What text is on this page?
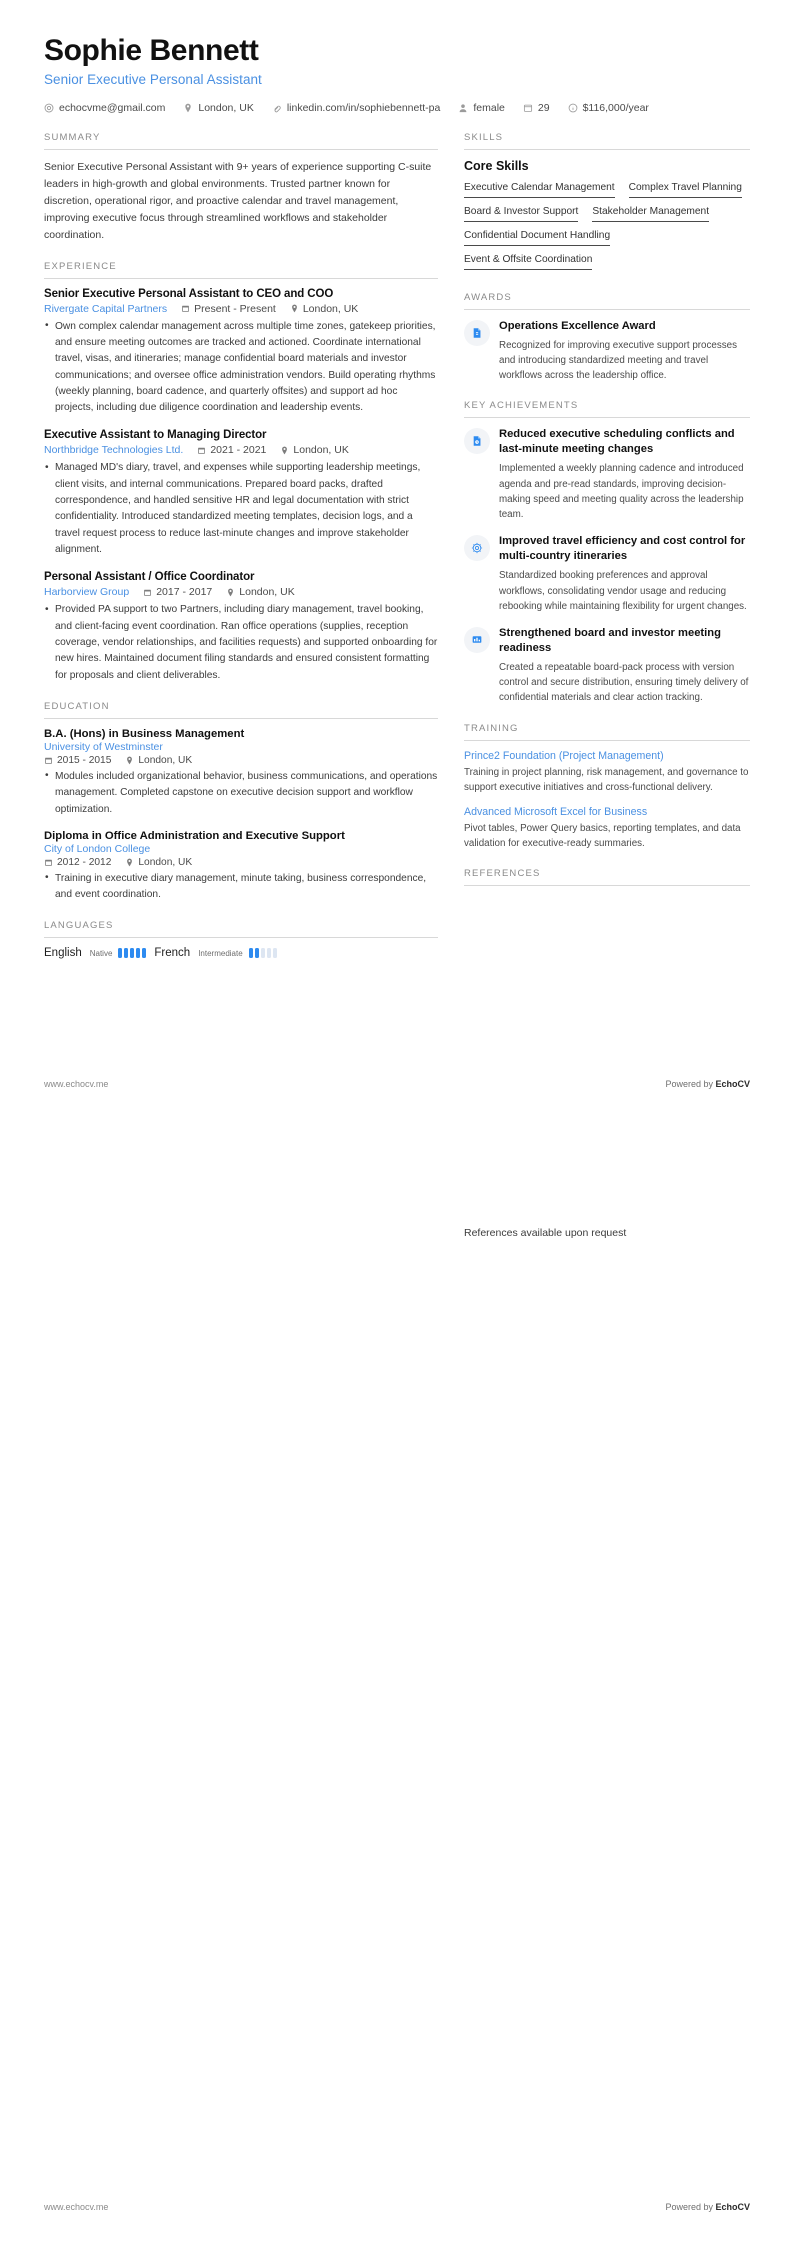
Sophie Bennett
Senior Executive Personal Assistant
echocvme@gmail.com	London, UK	linkedin.com/in/sophiebennett-pa	female	29	$116,000/year
SUMMARY
Senior Executive Personal Assistant with 9+ years of experience supporting C-suite leaders in high-growth and global environments. Trusted partner known for discretion, operational rigor, and proactive calendar and travel management, improving executive focus through streamlined workflows and stakeholder coordination.
EXPERIENCE
Senior Executive Personal Assistant to CEO and COO
Rivergate Capital Partners	Present - Present	London, UK
• Own complex calendar management across multiple time zones, gatekeep priorities, and ensure meeting outcomes are tracked and actioned. Coordinate international travel, visas, and itineraries; manage confidential board materials and investor communications; and oversee office administration vendors. Build operating rhythms (weekly planning, board cadence, and quarterly offsites) and support ad hoc projects, including due diligence coordination and leadership events.
Executive Assistant to Managing Director
Northbridge Technologies Ltd.	2021 - 2021	London, UK
• Managed MD's diary, travel, and expenses while supporting leadership meetings, client visits, and internal communications. Prepared board packs, drafted correspondence, and handled sensitive HR and legal documentation with strict confidentiality. Introduced standardized meeting templates, decision logs, and a travel request process to reduce last-minute changes and improve stakeholder alignment.
Personal Assistant / Office Coordinator
Harborview Group	2017 - 2017	London, UK
• Provided PA support to two Partners, including diary management, travel booking, and client-facing event coordination. Ran office operations (supplies, reception coverage, vendor relationships, and facilities requests) and supported onboarding for new hires. Maintained document filing standards and ensured consistent formatting for proposals and client deliverables.
EDUCATION
B.A. (Hons) in Business Management
University of Westminster
2015 - 2015	London, UK
• Modules included organizational behavior, business communications, and operations management. Completed capstone on executive decision support and workflow optimization.
Diploma in Office Administration and Executive Support
City of London College
2012 - 2012	London, UK
• Training in executive diary management, minute taking, business correspondence, and event coordination.
LANGUAGES
English Native	French Intermediate
SKILLS
Core Skills
Executive Calendar Management Complex Travel Planning
Board & Investor Support Stakeholder Management
Confidential Document Handling
Event & Offsite Coordination
AWARDS
Operations Excellence Award
Recognized for improving executive support processes and introducing standardized meeting and travel workflows across the leadership office.
KEY ACHIEVEMENTS
Reduced executive scheduling conflicts and last-minute meeting changes
Implemented a weekly planning cadence and introduced agenda and pre-read standards, improving decision-making speed and meeting quality across the leadership team.
Improved travel efficiency and cost control for multi-country itineraries
Standardized booking preferences and approval workflows, consolidating vendor usage and reducing rebooking while maintaining flexibility for urgent changes.
Strengthened board and investor meeting readiness
Created a repeatable board-pack process with version control and secure distribution, ensuring timely delivery of confidential materials and clear action tracking.
TRAINING
Prince2 Foundation (Project Management)
Training in project planning, risk management, and governance to support executive initiatives and cross-functional delivery.
Advanced Microsoft Excel for Business
Pivot tables, Power Query basics, reporting templates, and data validation for executive-ready summaries.
REFERENCES
www.echocv.me	Powered by EchoCV
References available upon request
www.echocv.me	Powered by EchoCV
